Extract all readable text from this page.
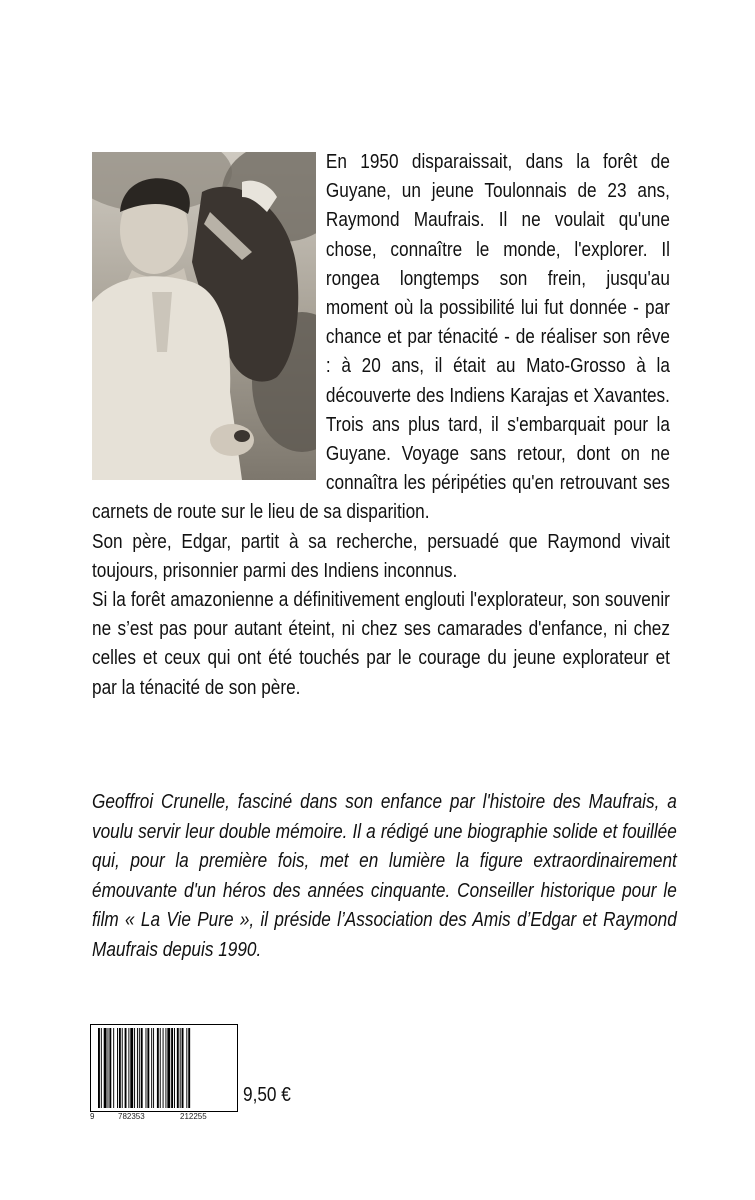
En 1950 disparaissait, dans la forêt de Guyane, un jeune Toulonnais de 23 ans, Raymond Maufrais. Il ne voulait qu'une chose, connaître le monde, l'explorer. Il rongea longtemps son frein, jusqu'au moment où la possibilité lui fut donnée - par chance et par ténacité - de réaliser son rêve : à 20 ans, il était au Mato-Grosso à la découverte des Indiens Karajas et Xavantes. Trois ans plus tard, il s'embarquait pour la Guyane. Voyage sans retour, dont on ne connaîtra les péripéties qu'en retrouvant ses carnets de route sur le lieu de sa disparition.

Son père, Edgar, partit à sa recherche, persuadé que Raymond vivait toujours, prisonnier parmi des Indiens inconnus.

Si la forêt amazonienne a définitivement englouti l'explorateur, son souvenir ne s’est pas pour autant éteint, ni chez ses camarades d'enfance, ni chez celles et ceux qui ont été touchés par le courage du jeune explorateur et par la ténacité de son père.

Geoffroi Crunelle, fasciné dans son enfance par l'histoire des Maufrais, a voulu servir leur double mémoire. Il a rédigé une biographie solide et fouillée qui, pour la première fois, met en lumière la figure extraordinairement émouvante d'un héros des années cinquante. Conseiller historique pour le film « La Vie Pure », il préside l’Association des Amis d’Edgar et Raymond Maufrais depuis 1990.

9	782353	212255
9,50 €
